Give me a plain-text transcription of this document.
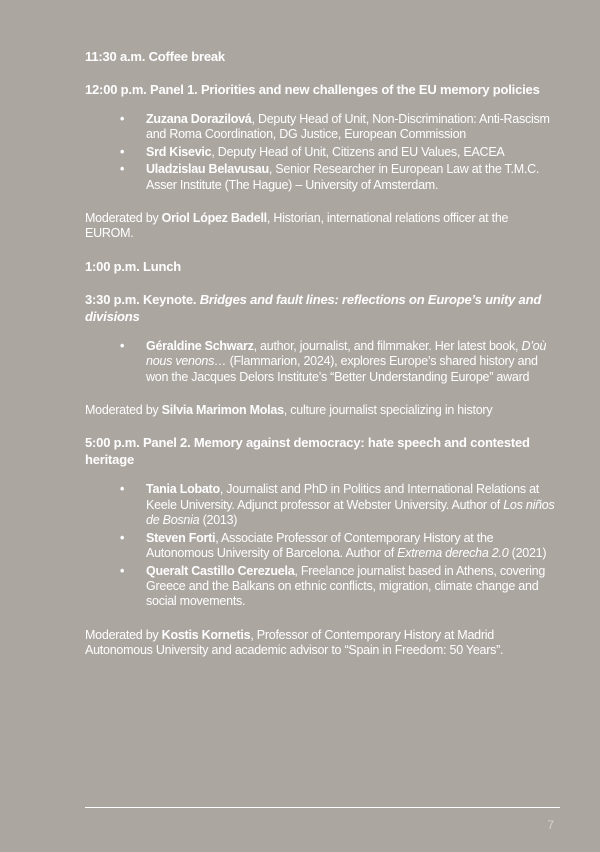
11:30 a.m. Coffee break

12:00 p.m. Panel 1. Priorities and new challenges of the EU memory policies

• Zuzana Dorazilová, Deputy Head of Unit, Non-Discrimination: Anti-Rascism and Roma Coordination, DG Justice, European Commission
• Srd Kisevic, Deputy Head of Unit, Citizens and EU Values, EACEA
• Uladzislau Belavusau, Senior Researcher in European Law at the T.M.C. Asser Institute (The Hague) – University of Amsterdam.

Moderated by Oriol López Badell, Historian, international relations officer at the EUROM.

1:00 p.m. Lunch

3:30 p.m. Keynote. Bridges and fault lines: reflections on Europe’s unity and divisions

• Géraldine Schwarz, author, journalist, and filmmaker. Her latest book, D’où nous venons… (Flammarion, 2024), explores Europe’s shared history and won the Jacques Delors Institute’s “Better Understanding Europe” award

Moderated by Silvia Marimon Molas, culture journalist specializing in history

5:00 p.m. Panel 2. Memory against democracy: hate speech and contested heritage

• Tania Lobato, Journalist and PhD in Politics and International Relations at Keele University. Adjunct professor at Webster University. Author of Los niños de Bosnia (2013)
• Steven Forti, Associate Professor of Contemporary History at the Autonomous University of Barcelona. Author of Extrema derecha 2.0 (2021)
• Queralt Castillo Cerezuela, Freelance journalist based in Athens, covering Greece and the Balkans on ethnic conflicts, migration, climate change and social movements.

Moderated by Kostis Kornetis, Professor of Contemporary History at Madrid Autonomous University and academic advisor to “Spain in Freedom: 50 Years”.

7
